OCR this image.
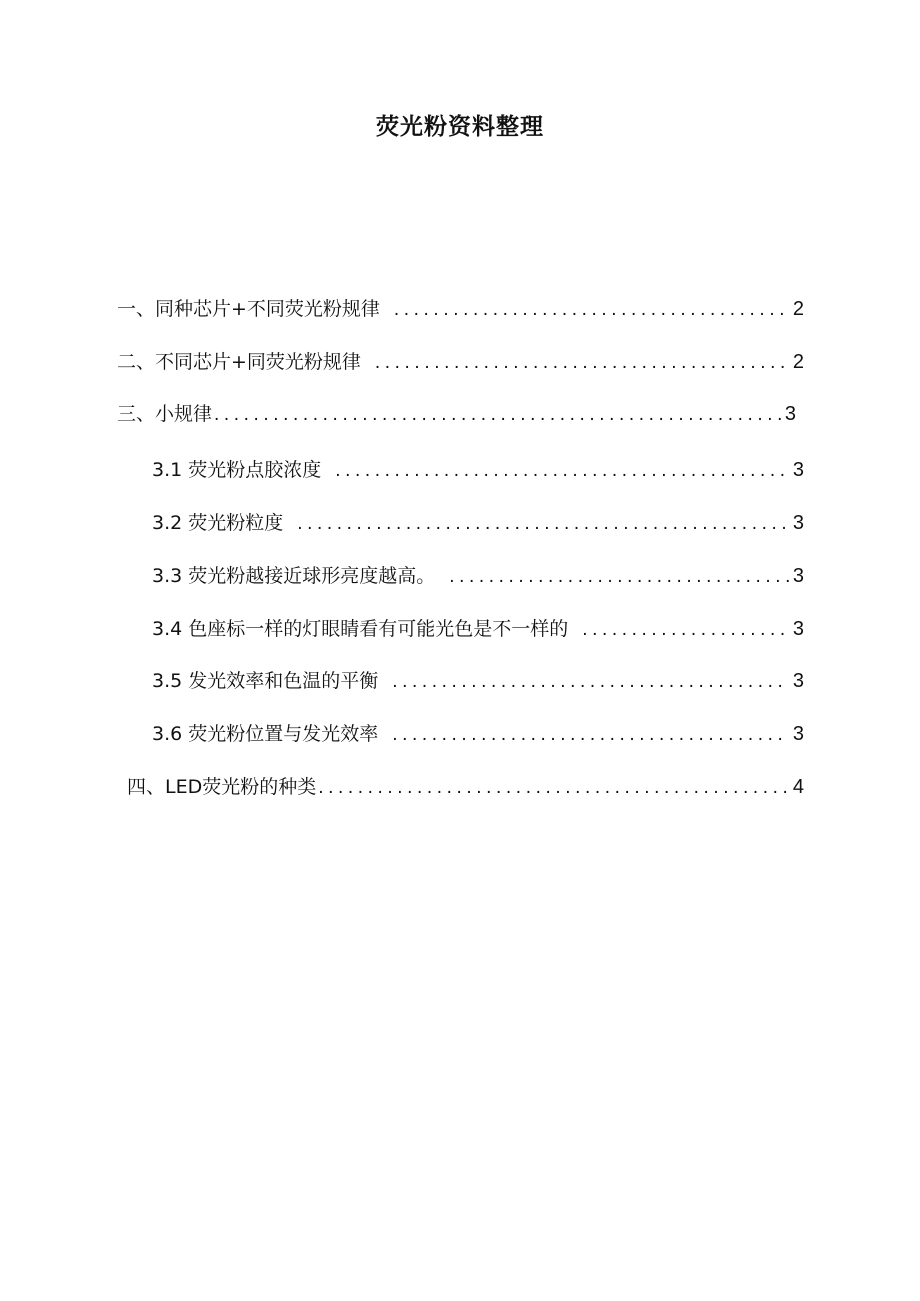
荧光粉资料整理
一、同种芯片+不同荧光粉规律 .....	2
二、不同芯片+同荧光粉规律 .....	2
三、小规律 .....	3
3.1 荧光粉点胶浓度 .....	3
3.2 荧光粉粒度 .....	3
3.3 荧光粉越接近球形亮度越高。 .....	3
3.4 色座标一样的灯眼睛看有可能光色是不一样的 .....	3
3.5 发光效率和色温的平衡 .....	3
3.6 荧光粉位置与发光效率 .....	3
四、LED荧光粉的种类 .....	4
